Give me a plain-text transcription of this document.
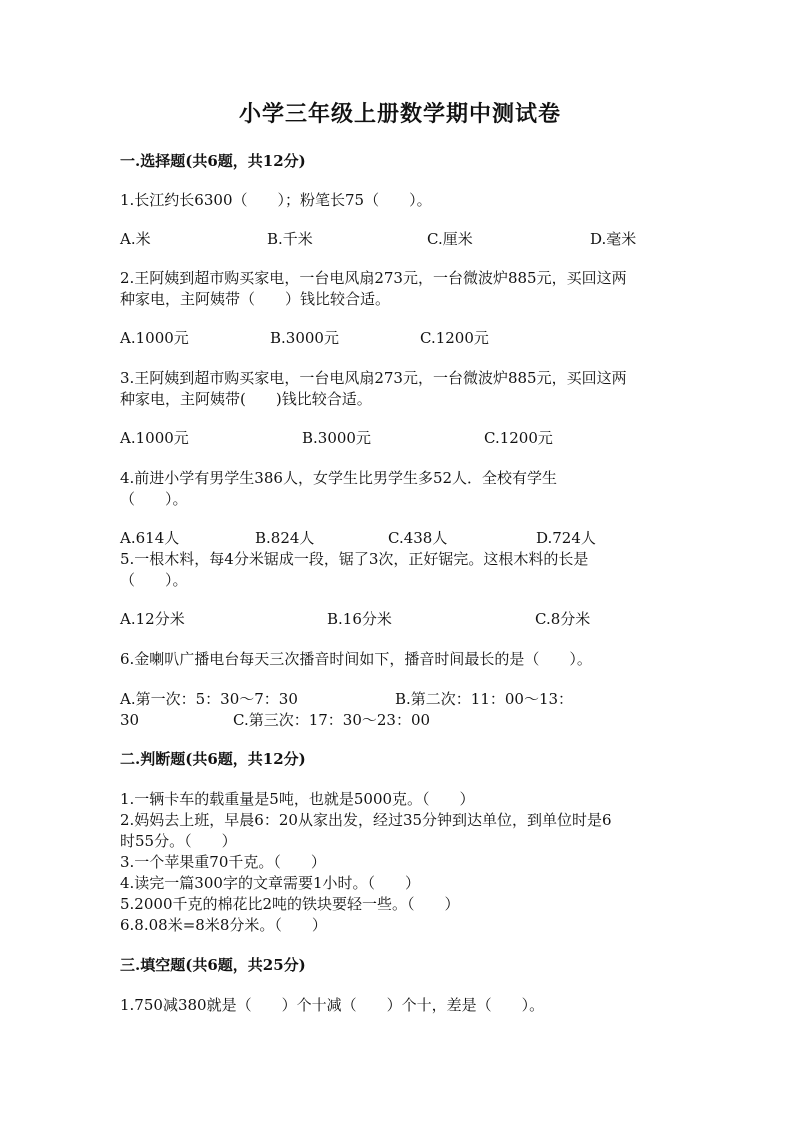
小学三年级上册数学期中测试卷
一.选择题(共6题，共12分)
1.长江约长6300（　　）；粉笔长75（　　）。
A.米	B.千米	C.厘米	D.毫米
2.王阿姨到超市购买家电，一台电风扇273元，一台微波炉885元，买回这两
种家电，主阿姨带（　　）钱比较合适。
A.1000元	B.3000元	C.1200元
3.王阿姨到超市购买家电，一台电风扇273元，一台微波炉885元，买回这两
种家电，主阿姨带(　　)钱比较合适。
A.1000元	B.3000元	C.1200元
4.前进小学有男学生386人，女学生比男学生多52人．全校有学生
（　　）。
A.614人	B.824人	C.438人	D.724人
5.一根木料，每4分米锯成一段，锯了3次，正好锯完。这根木料的长是
（　　）。
A.12分米	B.16分米	C.8分米
6.金喇叭广播电台每天三次播音时间如下，播音时间最长的是（　　）。
A.第一次：5：30～7：30	B.第二次：11：00～13：
30	C.第三次：17：30～23：00
二.判断题(共6题，共12分)
1.一辆卡车的载重量是5吨，也就是5000克。（　　）
2.妈妈去上班，早晨6：20从家出发，经过35分钟到达单位，到单位时是6
时55分。（　　）
3.一个苹果重70千克。（　　）
4.读完一篇300字的文章需要1小时。（　　）
5.2000千克的棉花比2吨的铁块要轻一些。（　　）
6.8.08米=8米8分米。（　　）
三.填空题(共6题，共25分)
1.750减380就是（　　）个十减（　　）个十，差是（　　）。
